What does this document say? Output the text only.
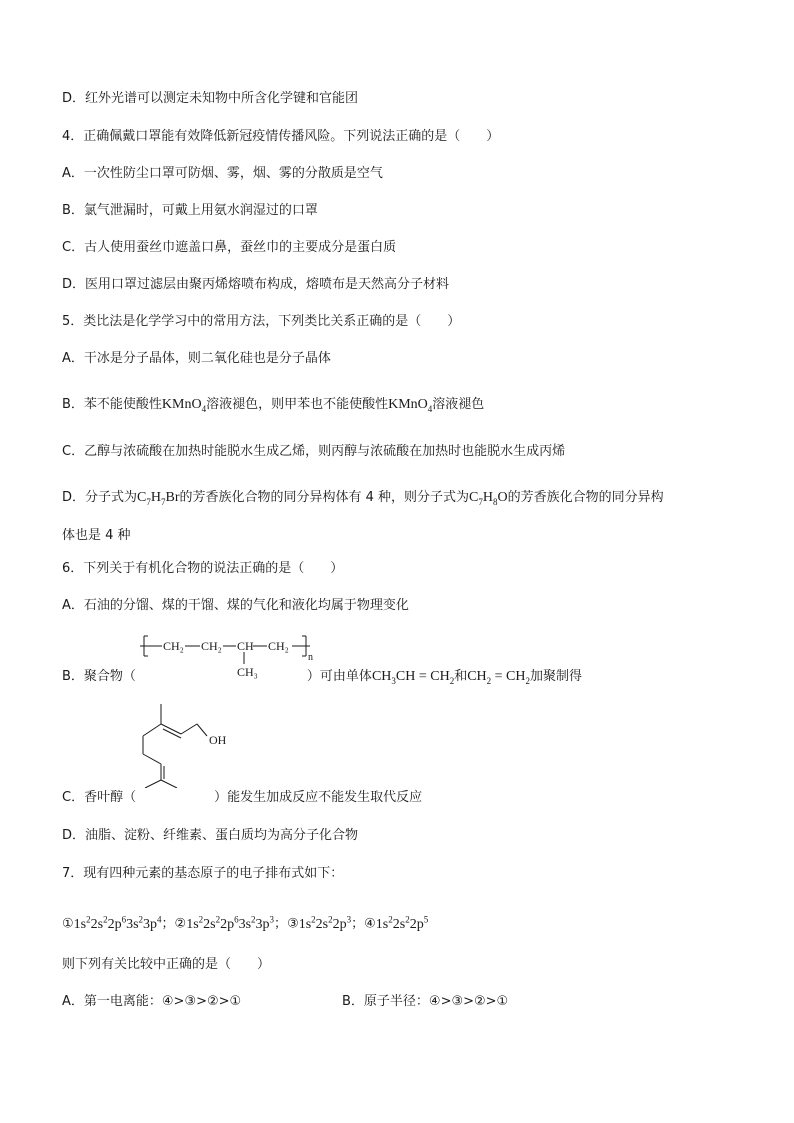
D．红外光谱可以测定未知物中所含化学键和官能团
4．正确佩戴口罩能有效降低新冠疫情传播风险。下列说法正确的是（　　）
A．一次性防尘口罩可防烟、雾，烟、雾的分散质是空气
B．氯气泄漏时，可戴上用氨水润湿过的口罩
C．古人使用蚕丝巾遮盖口鼻，蚕丝巾的主要成分是蛋白质
D．医用口罩过滤层由聚丙烯熔喷布构成，熔喷布是天然高分子材料
5．类比法是化学学习中的常用方法，下列类比关系正确的是（　　）
A．干冰是分子晶体，则二氧化硅也是分子晶体
B．苯不能使酸性KMnO$_4$溶液褪色，则甲苯也不能使酸性KMnO$_4$溶液褪色
C．乙醇与浓硫酸在加热时能脱水生成乙烯，则丙醇与浓硫酸在加热时也能脱水生成丙烯
D．分子式为$C_7H_7Br$的芳香族化合物的同分异构体有 4 种，则分子式为$C_7H_8O$的芳香族化合物的同分异构
体也是 4 种
6．下列关于有机化合物的说法正确的是（　　）
A．石油的分馏、煤的干馏、煤的气化和液化均属于物理变化
CH₂ CH₂ CH CH₂
n
CH₃
B．聚合物（	）可由单体$CH_3CH = CH_2$和$CH_2 = CH_2$加聚制得
OH
C．香叶醇（	）能发生加成反应不能发生取代反应
D．油脂、淀粉、纤维素、蛋白质均为高分子化合物
7．现有四种元素的基态原子的电子排布式如下：
$①1s^22s^22p^63s^23p^4$；$②1s^22s^22p^63s^23p^3$；$③1s^22s^22p^3$；$④1s^22s^22p^5$
则下列有关比较中正确的是（　　）
A．第一电离能：④>③>②>①	B．原子半径：④>③>②>①
